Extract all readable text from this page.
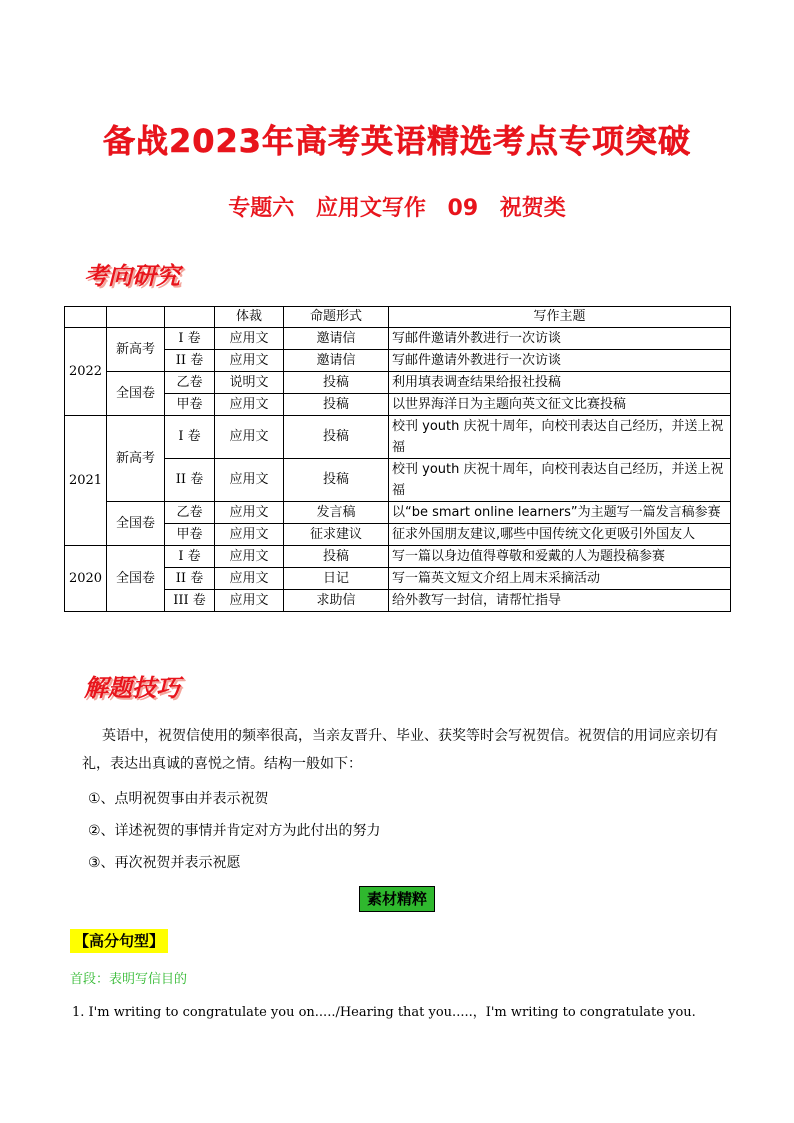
备战2023年高考英语精选考点专项突破
专题六 应用文写作 09 祝贺类
考向研究
			体裁	命题形式	写作主题
2022	新高考	I 卷	应用文	邀请信	写邮件邀请外教进行一次访谈
		II 卷	应用文	邀请信	写邮件邀请外教进行一次访谈
	全国卷	乙卷	说明文	投稿	利用填表调查结果给报社投稿
		甲卷	应用文	投稿	以世界海洋日为主题向英文征文比赛投稿
2021	新高考	I 卷	应用文	投稿	校刊 youth 庆祝十周年，向校刊表达自己经历，并送上祝福
		II 卷	应用文	投稿	校刊 youth 庆祝十周年，向校刊表达自己经历，并送上祝福
	全国卷	乙卷	应用文	发言稿	以“be smart online learners”为主题写一篇发言稿参赛
		甲卷	应用文	征求建议	征求外国朋友建议,哪些中国传统文化更吸引外国友人
2020	全国卷	I 卷	应用文	投稿	写一篇以身边值得尊敬和爱戴的人为题投稿参赛
		II 卷	应用文	日记	写一篇英文短文介绍上周末采摘活动
		III 卷	应用文	求助信	给外教写一封信，请帮忙指导
解题技巧
英语中，祝贺信使用的频率很高，当亲友晋升、毕业、获奖等时会写祝贺信。祝贺信的用词应亲切有礼，表达出真诚的喜悦之情。结构一般如下：
①、点明祝贺事由并表示祝贺
②、详述祝贺的事情并肯定对方为此付出的努力
③、再次祝贺并表示祝愿
素材精粹
【高分句型】
首段：表明写信目的
1. I'm writing to congratulate you on...../Hearing that you.....，I'm writing to congratulate you.
